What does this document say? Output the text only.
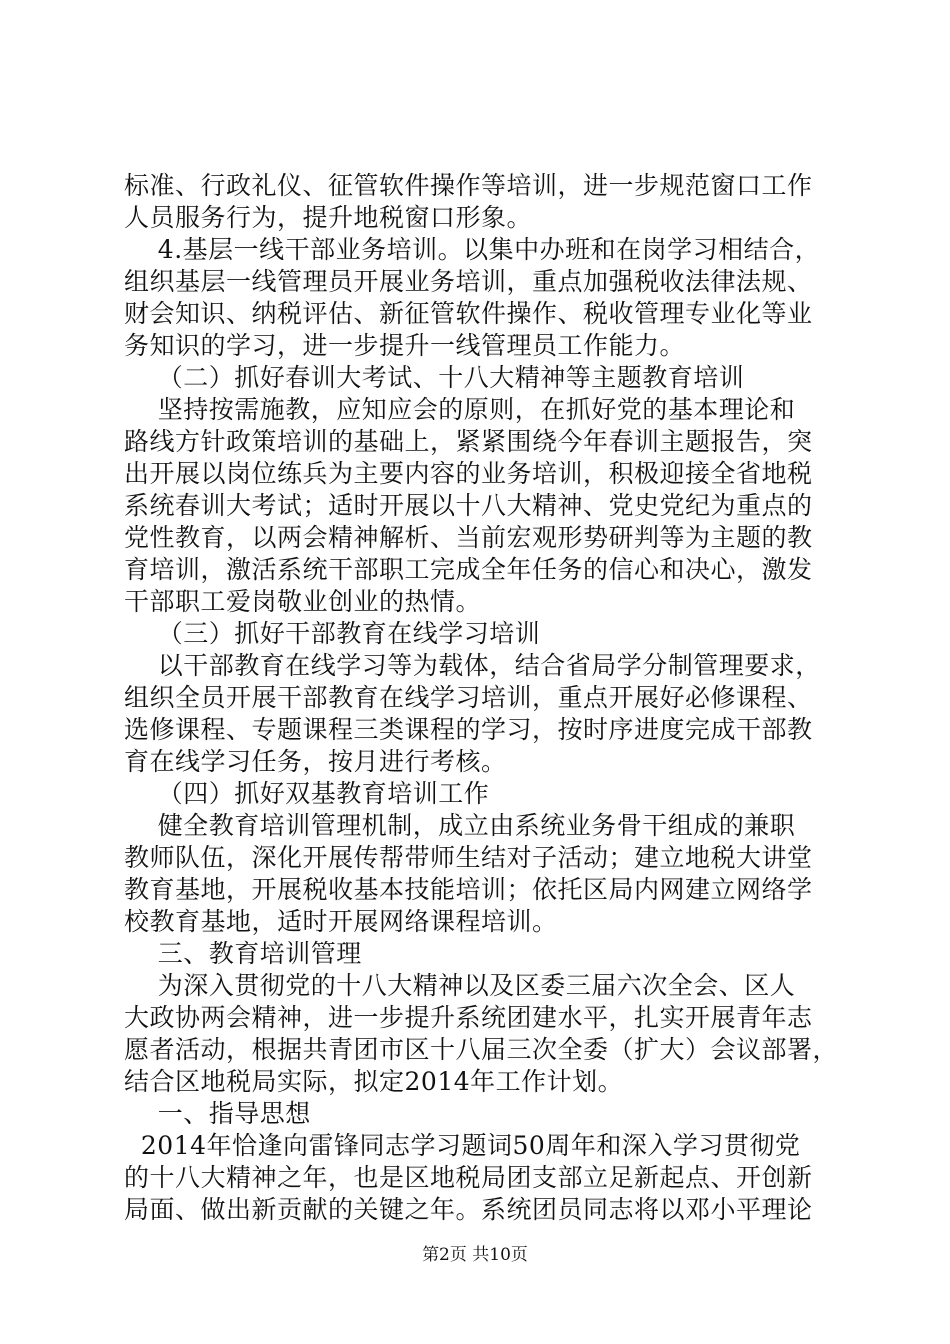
标准、行政礼仪、征管软件操作等培训，进一步规范窗口工作
人员服务行为，提升地税窗口形象。
4.基层一线干部业务培训。以集中办班和在岗学习相结合，
组织基层一线管理员开展业务培训，重点加强税收法律法规、
财会知识、纳税评估、新征管软件操作、税收管理专业化等业
务知识的学习，进一步提升一线管理员工作能力。
（二）抓好春训大考试、十八大精神等主题教育培训
坚持按需施教，应知应会的原则，在抓好党的基本理论和
路线方针政策培训的基础上，紧紧围绕今年春训主题报告，突
出开展以岗位练兵为主要内容的业务培训，积极迎接全省地税
系统春训大考试；适时开展以十八大精神、党史党纪为重点的
党性教育，以两会精神解析、当前宏观形势研判等为主题的教
育培训，激活系统干部职工完成全年任务的信心和决心，激发
干部职工爱岗敬业创业的热情。
（三）抓好干部教育在线学习培训
以干部教育在线学习等为载体，结合省局学分制管理要求，
组织全员开展干部教育在线学习培训，重点开展好必修课程、
选修课程、专题课程三类课程的学习，按时序进度完成干部教
育在线学习任务，按月进行考核。
（四）抓好双基教育培训工作
健全教育培训管理机制，成立由系统业务骨干组成的兼职
教师队伍，深化开展传帮带师生结对子活动；建立地税大讲堂
教育基地，开展税收基本技能培训；依托区局内网建立网络学
校教育基地，适时开展网络课程培训。
三、教育培训管理
为深入贯彻党的十八大精神以及区委三届六次全会、区人
大政协两会精神，进一步提升系统团建水平，扎实开展青年志
愿者活动，根据共青团市区十八届三次全委（扩大）会议部署，
结合区地税局实际，拟定2014年工作计划。
一、指导思想
2014年恰逢向雷锋同志学习题词50周年和深入学习贯彻党
的十八大精神之年，也是区地税局团支部立足新起点、开创新
局面、做出新贡献的关键之年。系统团员同志将以邓小平理论
第2页 共10页
